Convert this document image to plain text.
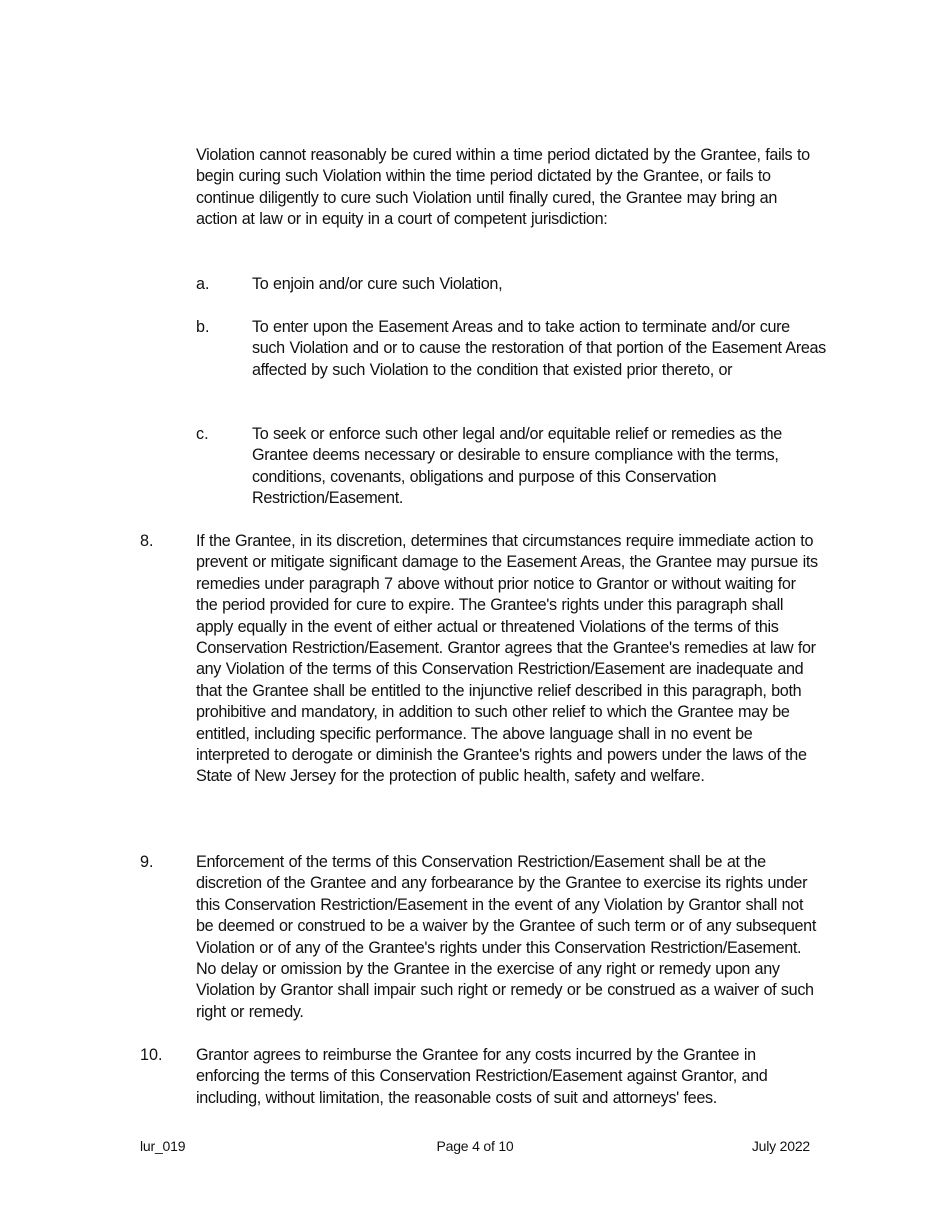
Violation cannot reasonably be cured within a time period dictated by the Grantee, fails to begin curing such Violation within the time period dictated by the Grantee, or fails to continue diligently to cure such Violation until finally cured, the Grantee may bring an action at law or in equity in a court of competent jurisdiction:
a.	To enjoin and/or cure such Violation,
b.	To enter upon the Easement Areas and to take action to terminate and/or cure such Violation and or to cause the restoration of that portion of the Easement Areas affected by such Violation to the condition that existed prior thereto, or
c.	To seek or enforce such other legal and/or equitable relief or remedies as the Grantee deems necessary or desirable to ensure compliance with the terms, conditions, covenants, obligations and purpose of this Conservation Restriction/Easement.
8.	If the Grantee, in its discretion, determines that circumstances require immediate action to prevent or mitigate significant damage to the Easement Areas, the Grantee may pursue its remedies under paragraph 7 above without prior notice to Grantor or without waiting for the period provided for cure to expire. The Grantee's rights under this paragraph shall apply equally in the event of either actual or threatened Violations of the terms of this Conservation Restriction/Easement. Grantor agrees that the Grantee's remedies at law for any Violation of the terms of this Conservation Restriction/Easement are inadequate and that the Grantee shall be entitled to the injunctive relief described in this paragraph, both prohibitive and mandatory, in addition to such other relief to which the Grantee may be entitled, including specific performance. The above language shall in no event be interpreted to derogate or diminish the Grantee's rights and powers under the laws of the State of New Jersey for the protection of public health, safety and welfare.
9.	Enforcement of the terms of this Conservation Restriction/Easement shall be at the discretion of the Grantee and any forbearance by the Grantee to exercise its rights under this Conservation Restriction/Easement in the event of any Violation by Grantor shall not be deemed or construed to be a waiver by the Grantee of such term or of any subsequent Violation or of any of the Grantee's rights under this Conservation Restriction/Easement. No delay or omission by the Grantee in the exercise of any right or remedy upon any Violation by Grantor shall impair such right or remedy or be construed as a waiver of such right or remedy.
10. Grantor agrees to reimburse the Grantee for any costs incurred by the Grantee in enforcing the terms of this Conservation Restriction/Easement against Grantor, and including, without limitation, the reasonable costs of suit and attorneys' fees.
lur_019	Page 4 of 10	July 2022
